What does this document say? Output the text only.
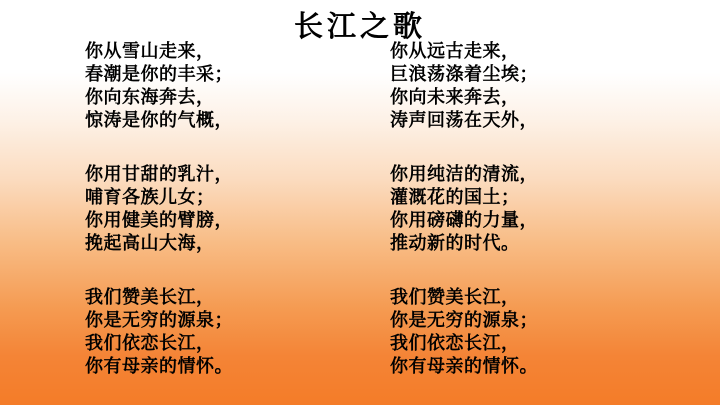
长江之歌
你从雪山走来，
春潮是你的丰采；
你向东海奔去，
惊涛是你的气概，
你用甘甜的乳汁，
哺育各族儿女；
你用健美的臂膀，
挽起高山大海，
我们赞美长江，
你是无穷的源泉；
我们依恋长江，
你有母亲的情怀。
你从远古走来，
巨浪荡涤着尘埃；
你向未来奔去，
涛声回荡在天外，
你用纯洁的清流，
灌溉花的国土；
你用磅礴的力量，
推动新的时代。
我们赞美长江，
你是无穷的源泉；
我们依恋长江，
你有母亲的情怀。
